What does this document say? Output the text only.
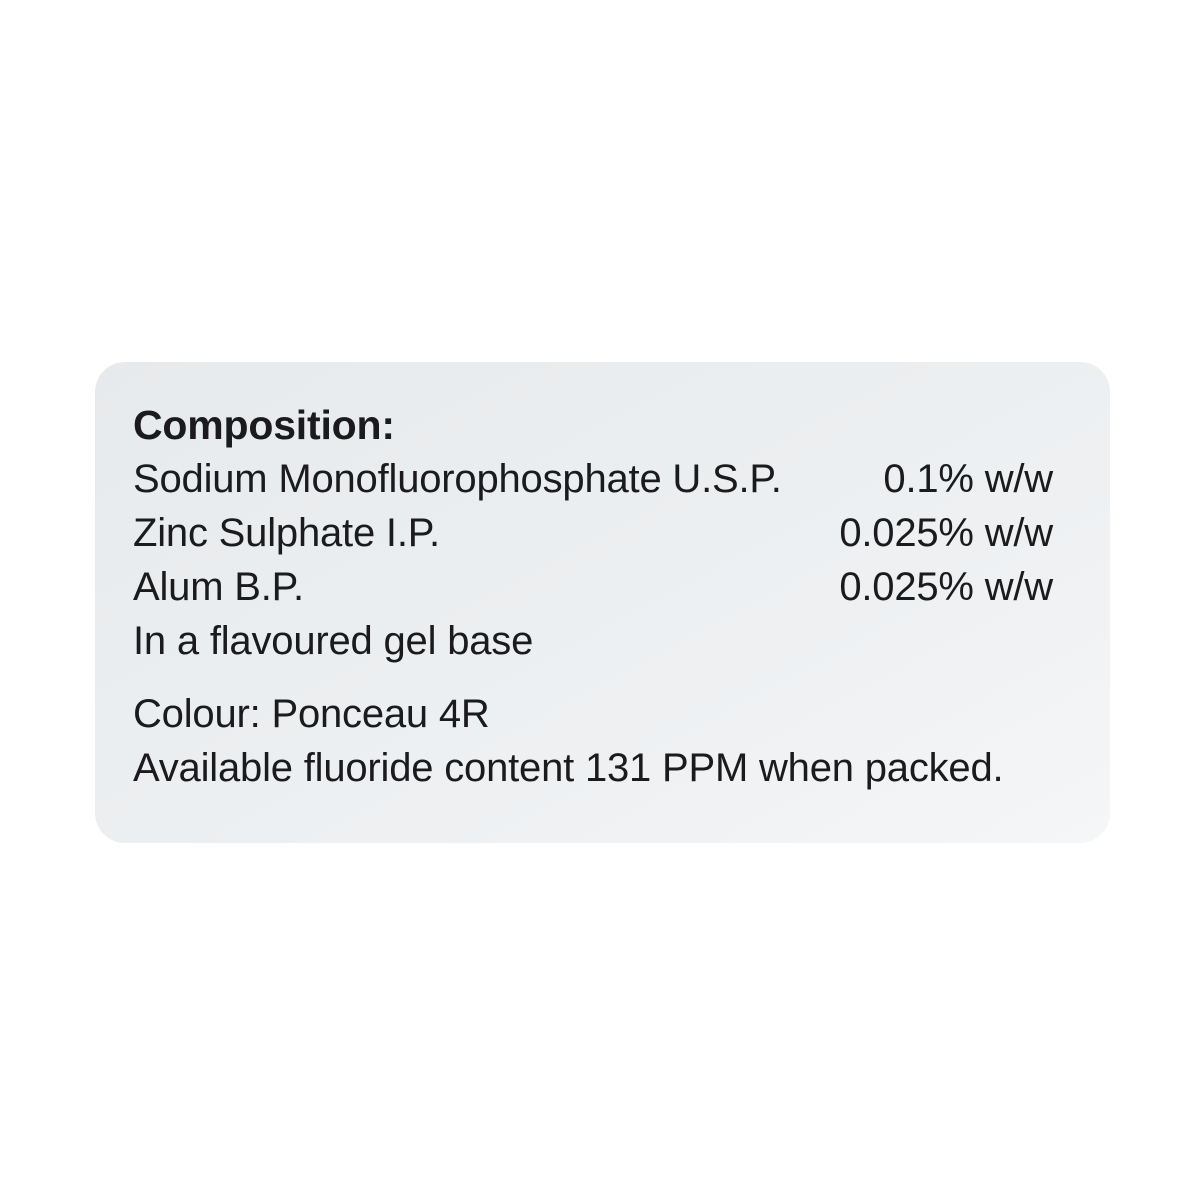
Composition:
Sodium Monofluorophosphate U.S.P.	0.1% w/w
Zinc Sulphate I.P.	0.025% w/w
Alum B.P.	0.025% w/w
In a flavoured gel base
Colour: Ponceau 4R
Available fluoride content 131 PPM when packed.
